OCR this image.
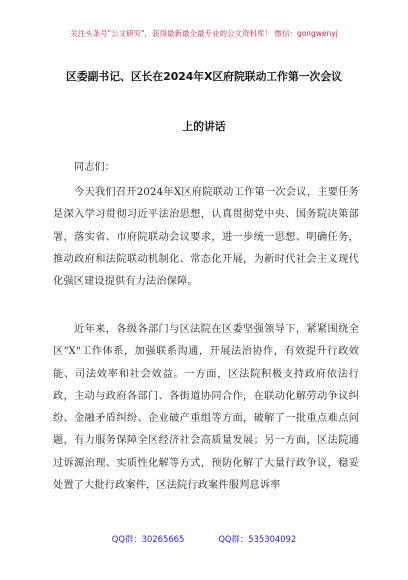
关注头条号"公文研究"，获得最新最全最专业的公文资料库！ 微信：gongwenyj
区委副书记、区长在2024年X区府院联动工作第一次会议
上的讲话
同志们：

今天我们召开2024年X区府院联动工作第一次会议，主要任务是深入学习贯彻习近平法治思想，认真贯彻党中央、国务院决策部署，落实省、市府院联动会议要求，进一步统一思想、明确任务，推动政府和法院联动机制化、常态化开展，为新时代社会主义现代化强区建设提供有力法治保障。

近年来，各级各部门与区法院在区委坚强领导下，紧紧围绕全区"X"工作体系，加强联系沟通，开展法治协作，有效提升行政效能、司法效率和社会效益。一方面，区法院积极支持政府依法行政，主动与政府各部门、各街道协同合作，在联动化解劳动争议纠纷、金融矛盾纠纷、企业破产重组等方面，破解了一批重点难点问题，有力服务保障全区经济社会高质量发展；另一方面，区法院通过诉源治理、实质性化解等方式，预防化解了大量行政争议，稳妥处置了大批行政案件，区法院行政案件服判息诉率

QQ群：30265665	QQ群：535304092
